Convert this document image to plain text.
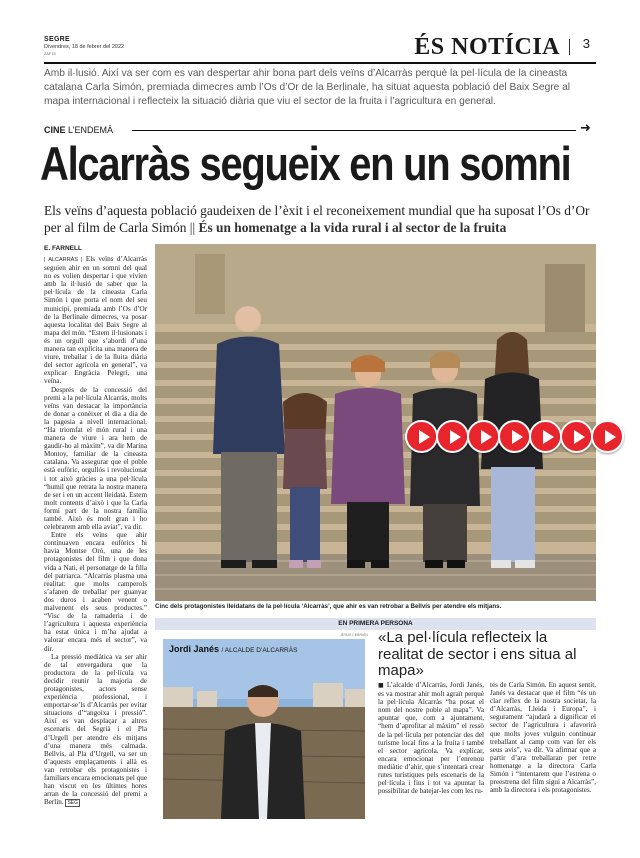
SEGRE
Divendres, 18 de febrer del 2022
2AF75	ÉS NOTÍCIA 3
Amb il·lusió. Així va ser com es van despertar ahir bona part dels veïns d’Alcarràs perquè la pel·lícula de la cineasta catalana Carla Simón, premiada dimecres amb l’Os d’Or de la Berlinale, ha situat aquesta població del Baix Segre al mapa internacional i reflecteix la situació diària que viu el sector de la fruita i l’agricultura en general.
CINE L’ENDEMÀ	➜
Alcarràs segueix en un somni
Els veïns d’aquesta població gaudeixen de l’èxit i el reconeixement mundial que ha suposat l’Os d’Or per al film de Carla Simón || És un homenatge a la vida rural i al sector de la fruita
E. FARNELL

| ALCARRÀS | Els veïns d’Alcarràs seguien ahir en un somni del qual no es volien despertar i que vivien amb la il·lusió de saber que la pel·lícula de la cineasta Carla Simón i que porta el nom del seu municipi, premiada amb l’Os d’Or de la Berlinale dimecres, va posar aquesta localitat del Baix Segre al mapa del món. “Estem il·lusionats i és un orgull que s’abordi d’una manera tan explícita una manera de viure, treballar i de la lluita diària del sector agrícola en general”, va explicar Engràcia Pelegrí, una veïna.

Després de la concessió del premi a la pel·lícula Alcarràs, molts veïns van destacar la importància de donar a conèixer el dia a dia de la pagesia a nivell internacional. “Ha triomfat el món rural i una manera de viure i ara hem de gaudir-ho al màxim”, va dir Marina Montoy, familiar de la cineasta catalana. Va assegurar que el poble està eufòric, orgullós i revolucionat i tot això gràcies a una pel·lícula “humil que retrata la nostra manera de ser i en un accent lleidatà. Estem molt contents d’això i que la Carla formi part de la nostra família també. Això és molt gran i ho celebrarem amb ella aviat”, va dir.

Entre els veïns que ahir continuaven encara eufòrics hi havia Montse Oró, una de les protagonistes del film i que dona vida a Nati, el personatge de la filla del patriarca. “Alcarràs plasma una realitat: que molts camperols s’afanen de treballar per guanyar dos duros i acaben venent o malvenent els seus productes.” “Visc de la ramaderia i de l’agricultura i aquesta experiència ha estat única i m’ha ajudat a valorar encara més el sector”, va dir.

La pressió mediàtica va ser ahir de tal envergadura que la productora de la pel·lícula va decidir reunir la majoria de protagonistes, actors sense experiència professional, i emportar-se’ls d’Alcarràs per evitar situacions d’“angoixa i pressió”. Així es van desplaçar a altres escenaris del Segrià i el Pla d’Urgell per atendre els mitjans d’una manera més calmada. Bellvís, al Pla d’Urgell, va ser un d’aquests emplaçaments i allà es van retrobar els protagonistes i familiars encara emocionats pel que han viscut en les últimes hores arran de la concessió del premi a Berlín. SEG

Cinc dels protagonistes lleidatans de la pel·lícula ‘Alcarràs’, que ahir es van retrobar a Bellvís per atendre els mitjans.
EN PRIMERA PERSONA
JESUS CEBRIÁN
Jordi Janés / ALCALDE D’ALCARRÀS
«La pel·lícula reflecteix la realitat de sector i ens situa al mapa»
■ L’alcalde d’Alcarràs, Jordi Janés, es va mostrar ahir molt agraït perquè la pel·lícula Alcarràs “ha posat el nom del nostre poble al mapa”. Va apuntar que, com a ajuntament, “hem d’aprofitar al màxim” el ressò de la pel·lícula per potenciar des del turisme local fins a la fruita i també el sector agrícola. Va explicar, encara emocionat per l’enrenou mediàtic d’ahir, que s’intentarà crear rutes turístiques pels escenaris de la pel·lícula i fins i tot va apuntar la possibilitat de batejar-les com les ru-
tes de Carla Simón. En aquest sentit, Janés va destacar que el film “és un clar reflex de la nostra societat, la d’Alcarràs, Lleida i Europa”, i segurament “ajudarà a dignificar el sector de l’agricultura i afavorirà que molts joves vulguin continuar treballant al camp com van fer els seus avis”, va dir. Va afirmar que a partir d’ara treballaran per retre homenatge a la directora Carla Simón i “intentarem que l’estrena o preestrena del film sigui a Alcarràs”, amb la directora i els protagonistes.
